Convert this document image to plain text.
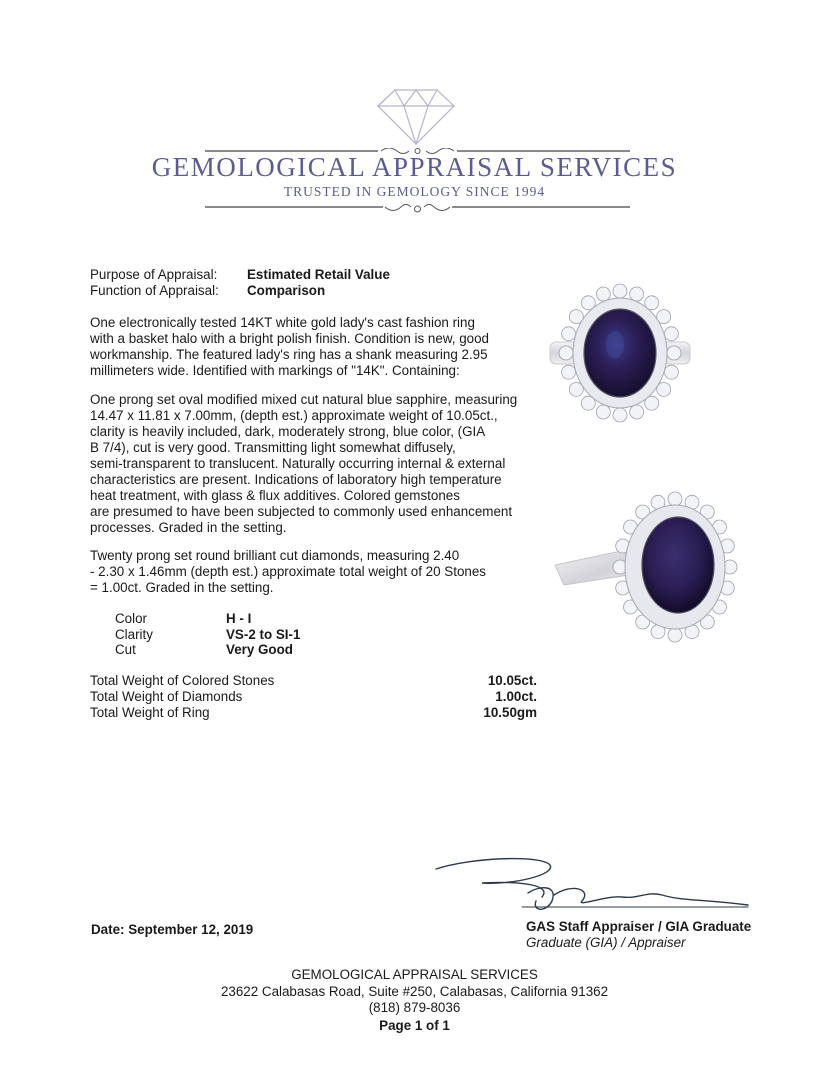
GEMOLOGICAL APPRAISAL SERVICES
TRUSTED IN GEMOLOGY SINCE 1994
Purpose of Appraisal: Estimated Retail Value
Function of Appraisal: Comparison
One electronically tested 14KT white gold lady's cast fashion ring
with a basket halo with a bright polish finish. Condition is new, good
workmanship. The featured lady's ring has a shank measuring 2.95
millimeters wide. Identified with markings of "14K". Containing:
One prong set oval modified mixed cut natural blue sapphire, measuring
14.47 x 11.81 x 7.00mm, (depth est.) approximate weight of 10.05ct.,
clarity is heavily included, dark, moderately strong, blue color, (GIA
B 7/4), cut is very good. Transmitting light somewhat diffusely,
semi-transparent to translucent. Naturally occurring internal & external
characteristics are present. Indications of laboratory high temperature
heat treatment, with glass & flux additives. Colored gemstones
are presumed to have been subjected to commonly used enhancement
processes. Graded in the setting.
Twenty prong set round brilliant cut diamonds, measuring 2.40
- 2.30 x 1.46mm (depth est.) approximate total weight of 20 Stones
= 1.00ct. Graded in the setting.
Color	H - I
Clarity	VS-2 to SI-1
Cut	Very Good
Total Weight of Colored Stones	10.05ct.
Total Weight of Diamonds	1.00ct.
Total Weight of Ring	10.50gm
Date: September 12, 2019	GAS Staff Appraiser / GIA Graduate
Graduate (GIA) / Appraiser
GEMOLOGICAL APPRAISAL SERVICES
23622 Calabasas Road, Suite #250, Calabasas, California 91362
(818) 879-8036
Page 1 of 1
